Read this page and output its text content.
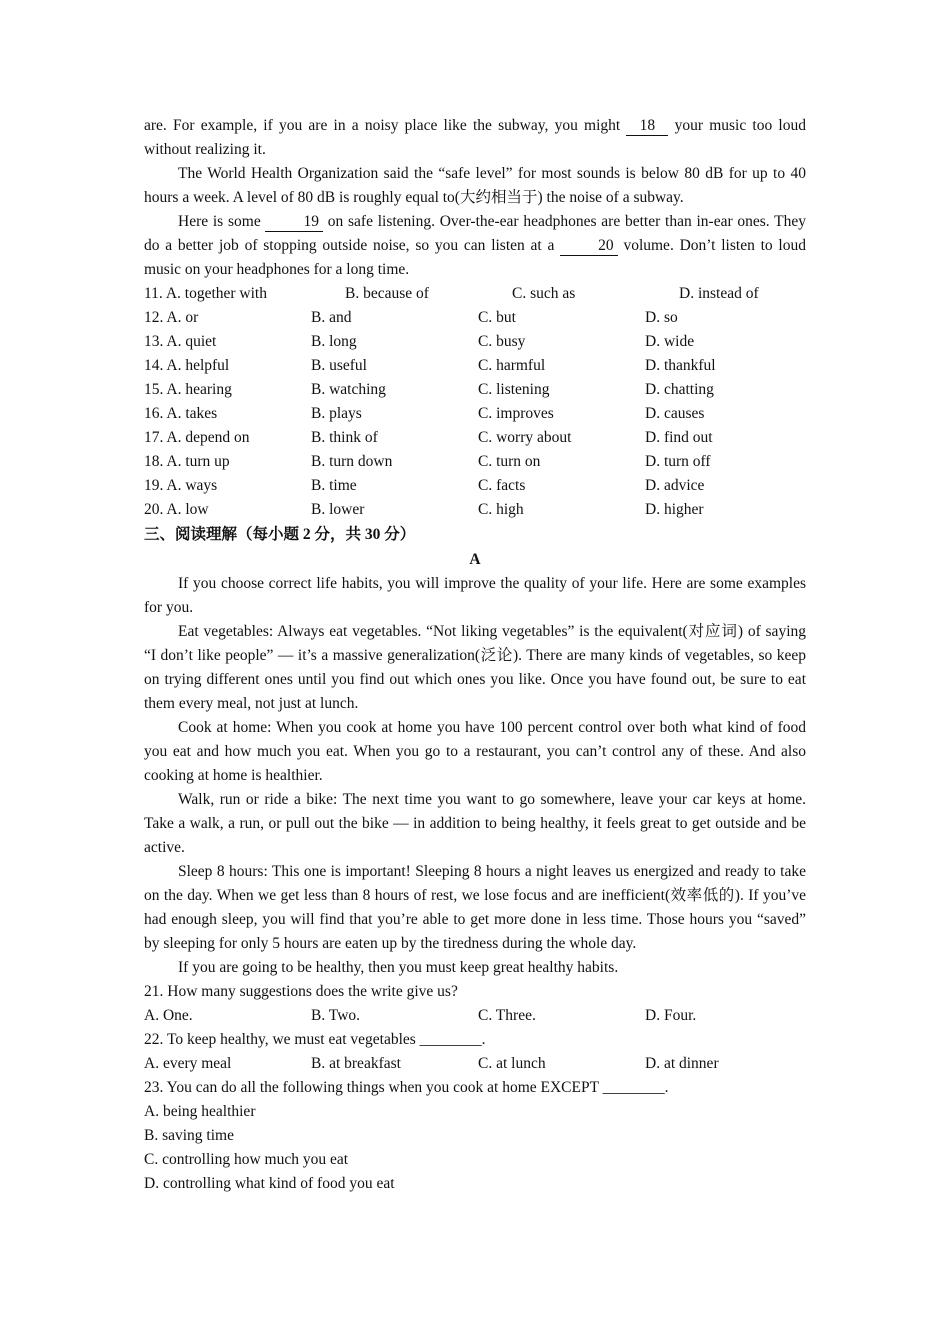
are. For example, if you are in a noisy place like the subway, you might 18 your music too loud without realizing it.

The World Health Organization said the “safe level” for most sounds is below 80 dB for up to 40 hours a week. A level of 80 dB is roughly equal to(大约相当于) the noise of a subway.

Here is some 19 on safe listening. Over-the-ear headphones are better than in-ear ones. They do a better job of stopping outside noise, so you can listen at a 20 volume. Don’t listen to loud music on your headphones for a long time.

11. A. together with	B. because of	C. such as	D. instead of
12. A. or	B. and	C. but	D. so
13. A. quiet	B. long	C. busy	D. wide
14. A. helpful	B. useful	C. harmful	D. thankful
15. A. hearing	B. watching	C. listening	D. chatting
16. A. takes	B. plays	C. improves	D. causes
17. A. depend on	B. think of	C. worry about	D. find out
18. A. turn up	B. turn down	C. turn on	D. turn off
19. A. ways	B. time	C. facts	D. advice
20. A. low	B. lower	C. high	D. higher
三、阅读理解（每小题 2 分，共 30 分）
A

If you choose correct life habits, you will improve the quality of your life. Here are some examples for you.

Eat vegetables: Always eat vegetables. “Not liking vegetables” is the equivalent(对应词) of saying “I don’t like people” — it’s a massive generalization(泛论). There are many kinds of vegetables, so keep on trying different ones until you find out which ones you like. Once you have found out, be sure to eat them every meal, not just at lunch.

Cook at home: When you cook at home you have 100 percent control over both what kind of food you eat and how much you eat. When you go to a restaurant, you can’t control any of these. And also cooking at home is healthier.

Walk, run or ride a bike: The next time you want to go somewhere, leave your car keys at home. Take a walk, a run, or pull out the bike — in addition to being healthy, it feels great to get outside and be active.

Sleep 8 hours: This one is important! Sleeping 8 hours a night leaves us energized and ready to take on the day. When we get less than 8 hours of rest, we lose focus and are inefficient(效率低的). If you’ve had enough sleep, you will find that you’re able to get more done in less time. Those hours you “saved” by sleeping for only 5 hours are eaten up by the tiredness during the whole day.

If you are going to be healthy, then you must keep great healthy habits.

21. How many suggestions does the write give us?
A. One.	B. Two.	C. Three.	D. Four.
22. To keep healthy, we must eat vegetables ________.
A. every meal	B. at breakfast	C. at lunch	D. at dinner
23. You can do all the following things when you cook at home EXCEPT ________.
A. being healthier
B. saving time
C. controlling how much you eat
D. controlling what kind of food you eat
